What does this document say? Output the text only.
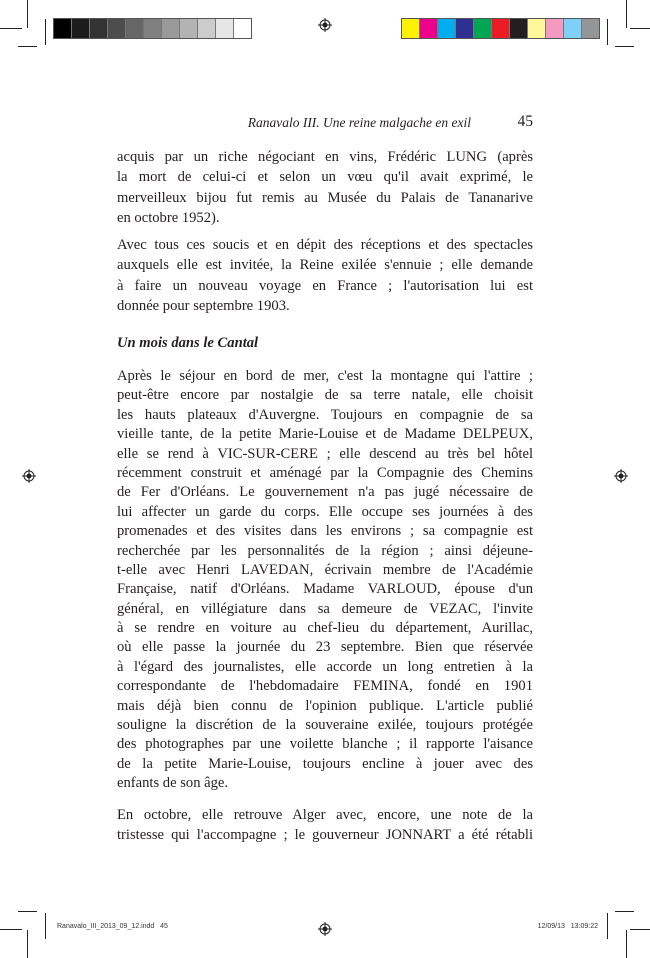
Ranavalo III. Une reine malgache en exil	45
acquis par un riche négociant en vins, Frédéric LUNG (après
la mort de celui-ci et selon un vœu qu'il avait exprimé, le
merveilleux bijou fut remis au Musée du Palais de Tananarive
en octobre 1952).
Avec tous ces soucis et en dépit des réceptions et des spectacles
auxquels elle est invitée, la Reine exilée s'ennuie ; elle demande
à faire un nouveau voyage en France ; l'autorisation lui est
donnée pour septembre 1903.
Un mois dans le Cantal
Après le séjour en bord de mer, c'est la montagne qui l'attire ;
peut-être encore par nostalgie de sa terre natale, elle choisit
les hauts plateaux d'Auvergne. Toujours en compagnie de sa
vieille tante, de la petite Marie-Louise et de Madame DELPEUX,
elle se rend à VIC-SUR-CERE ; elle descend au très bel hôtel
récemment construit et aménagé par la Compagnie des Chemins
de Fer d'Orléans. Le gouvernement n'a pas jugé nécessaire de
lui affecter un garde du corps. Elle occupe ses journées à des
promenades et des visites dans les environs ; sa compagnie est
recherchée par les personnalités de la région ; ainsi déjeune-
t-elle avec Henri LAVEDAN, écrivain membre de l'Académie
Française, natif d'Orléans. Madame VARLOUD, épouse d'un
général, en villégiature dans sa demeure de VEZAC, l'invite
à se rendre en voiture au chef-lieu du département, Aurillac,
où elle passe la journée du 23 septembre. Bien que réservée
à l'égard des journalistes, elle accorde un long entretien à la
correspondante de l'hebdomadaire FEMINA, fondé en 1901
mais déjà bien connu de l'opinion publique. L'article publié
souligne la discrétion de la souveraine exilée, toujours protégée
des photographes par une voilette blanche ; il rapporte l'aisance
de la petite Marie-Louise, toujours encline à jouer avec des
enfants de son âge.
En octobre, elle retrouve Alger avec, encore, une note de la
tristesse qui l'accompagne ; le gouverneur JONNART a été rétabli
Ranavalo_III_2013_09_12.indd   45	12/09/13   13:09:22
